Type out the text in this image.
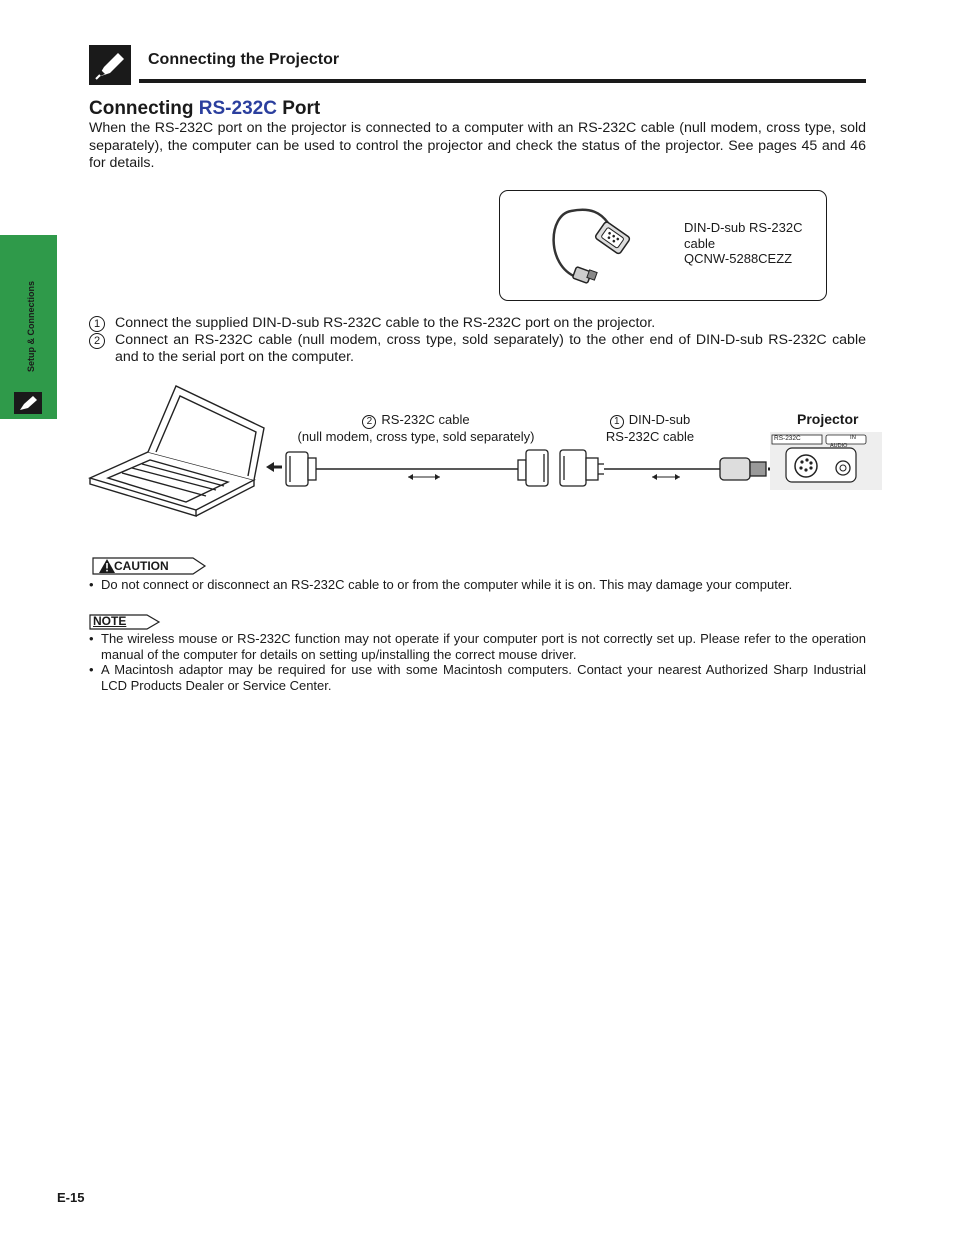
Connecting the Projector
Setup & Connections
Connecting RS-232C Port
When the RS-232C port on the projector is connected to a computer with an RS-232C cable (null modem, cross type, sold separately), the computer can be used to control the projector and check the status of the projector. See pages 45 and 46 for details.
DIN-D-sub RS-232C
cable
QCNW-5288CEZZ
1	Connect the supplied DIN-D-sub RS-232C cable to the RS-232C port on the projector.
2	Connect an RS-232C cable (null modem, cross type, sold separately) to the other end of DIN-D-sub RS-232C cable and to the serial port on the computer.
RS-232C	IN
AUDIO
2 RS-232C cable
(null modem, cross type, sold separately)
1 DIN-D-sub
RS-232C cable
Projector
CAUTION
• Do not connect or disconnect an RS-232C cable to or from the computer while it is on. This may damage your computer.
NOTE
• The wireless mouse or RS-232C function may not operate if your computer port is not correctly set up. Please refer to the operation manual of the computer for details on setting up/installing the correct mouse driver.
• A Macintosh adaptor may be required for use with some Macintosh computers. Contact your nearest Authorized Sharp Industrial LCD Products Dealer or Service Center.
E-15
